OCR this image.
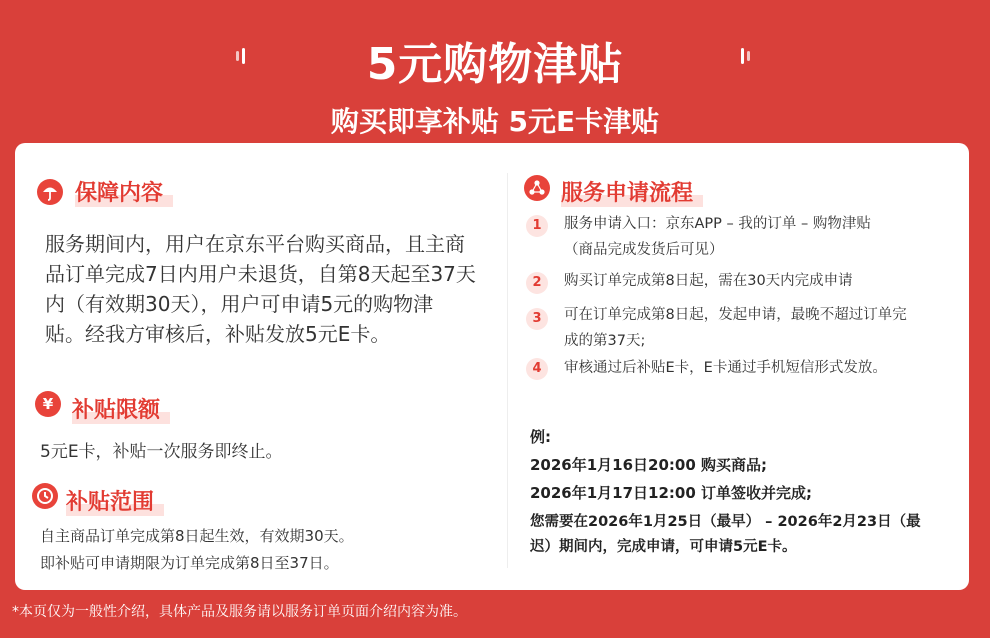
5元购物津贴
购买即享补贴 5元E卡津贴
保障内容
服务期间内，用户在京东平台购买商品，且主商
品订单完成7日内用户未退货，自第8天起至37天
内（有效期30天），用户可申请5元的购物津
贴。经我方审核后，补贴发放5元E卡。
¥ 补贴限额
5元E卡，补贴一次服务即终止。
补贴范围
自主商品订单完成第8日起生效，有效期30天。
即补贴可申请期限为订单完成第8日至37日。
服务申请流程
1	服务申请入口：京东APP – 我的订单 – 购物津贴
（商品完成发货后可见）
2	购买订单完成第8日起，需在30天内完成申请
3	可在订单完成第8日起，发起申请，最晚不超过订单完
成的第37天;
4	审核通过后补贴E卡，E卡通过手机短信形式发放。
例:
2026年1月16日20:00 购买商品;
2026年1月17日12:00 订单签收并完成;
您需要在2026年1月25日（最早） – 2026年2月23日（最
迟）期间内，完成申请，可申请5元E卡。
*本页仅为一般性介绍，具体产品及服务请以服务订单页面介绍内容为准。
